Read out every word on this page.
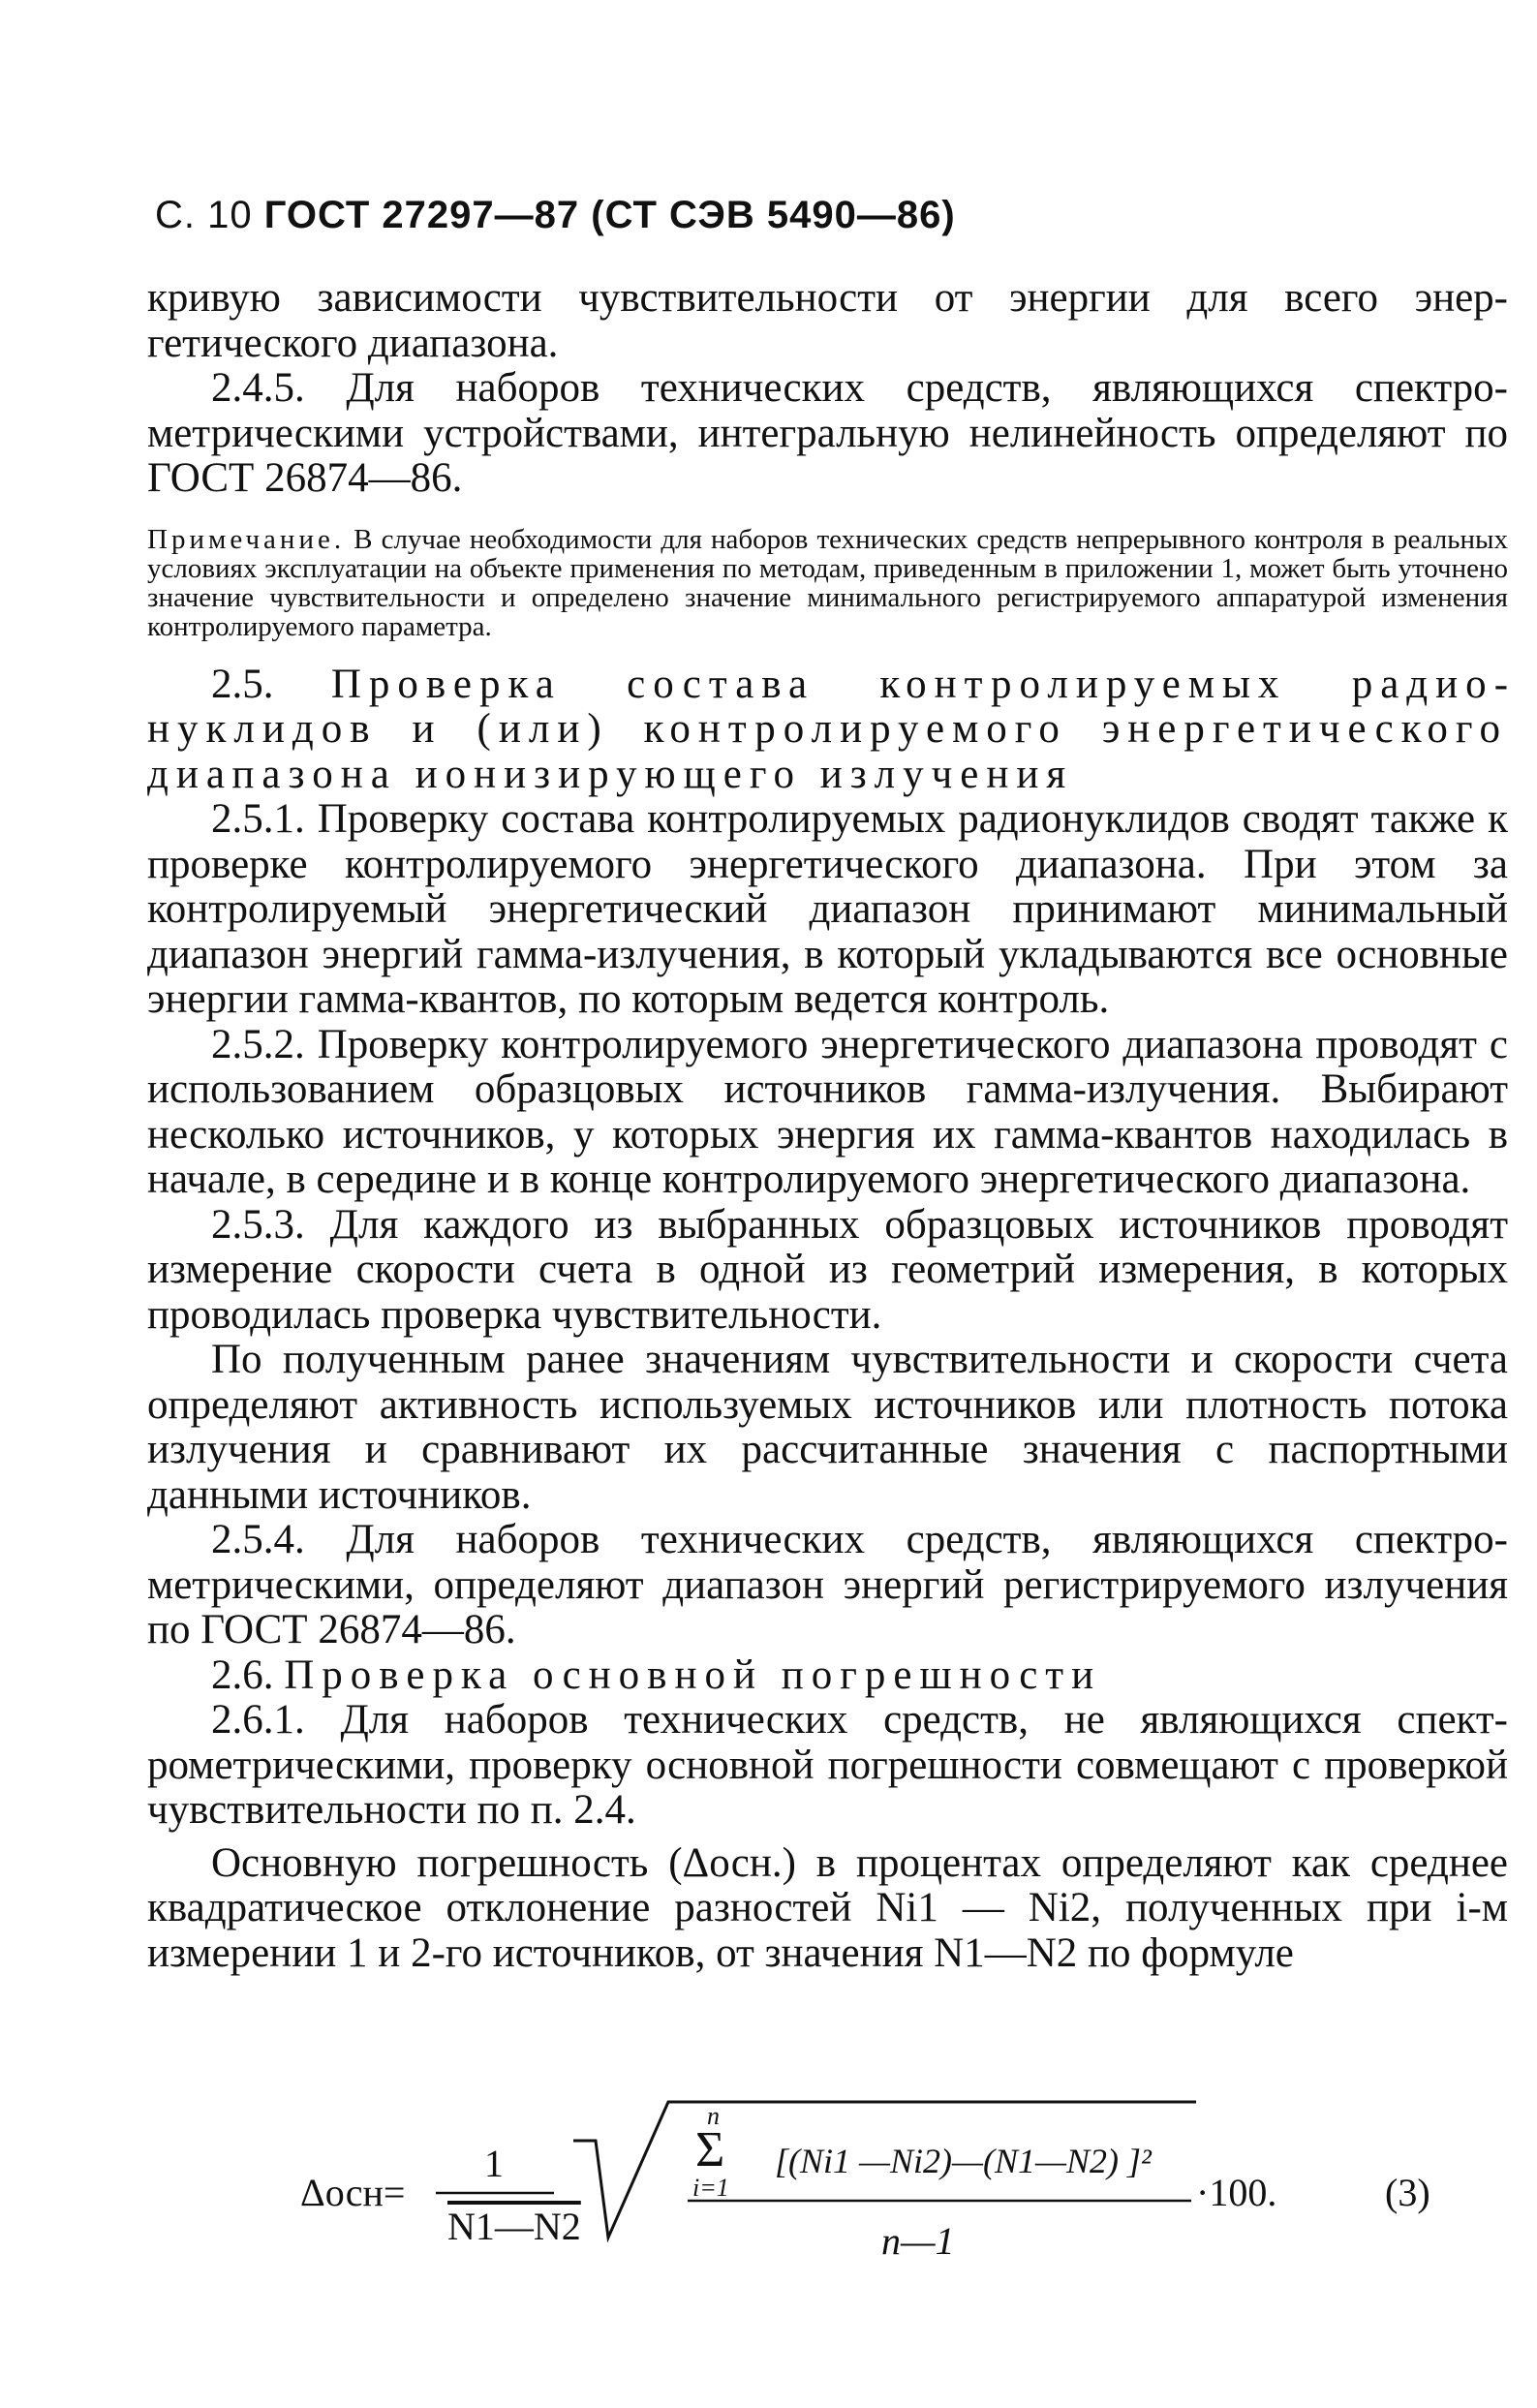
С. 10 ГОСТ 27297—87 (СТ СЭВ 5490—86)

кривую зависимости чувствительности от энергии для всего энергетического диапазона.

2.4.5. Для наборов технических средств, являющихся спектрометрическими устройствами, интегральную нелинейность определяют по ГОСТ 26874—86.

Примечание. В случае необходимости для наборов технических средств непрерывного контроля в реальных условиях эксплуатации на объекте применения по методам, приведенным в приложении 1, может быть уточнено значение чувствительности и определено значение минимального регистрируемого аппаратурой изменения контролируемого параметра.

2.5. Проверка состава контролируемых радионуклидов и (или) контролируемого энергетического диапазона ионизирующего излучения

2.5.1. Проверку состава контролируемых радионуклидов сводят также к проверке контролируемого энергетического диапазона. При этом за контролируемый энергетический диапазон принимают минимальный диапазон энергий гамма-излучения, в который укладываются все основные энергии гамма-квантов, по которым ведется контроль.

2.5.2. Проверку контролируемого энергетического диапазона проводят с использованием образцовых источников гамма-излучения. Выбирают несколько источников, у которых энергия их гамма-квантов находилась в начале, в середине и в конце контролируемого энергетического диапазона.

2.5.3. Для каждого из выбранных образцовых источников проводят измерение скорости счета в одной из геометрий измерения, в которых проводилась проверка чувствительности.

По полученным ранее значениям чувствительности и скорости счета определяют активность используемых источников или плотность потока излучения и сравнивают их рассчитанные значения с паспортными данными источников.

2.5.4. Для наборов технических средств, являющихся спектрометрическими, определяют диапазон энергий регистрируемого излучения по ГОСТ 26874—86.

2.6. Проверка основной погрешности

2.6.1. Для наборов технических средств, не являющихся спектрометрическими, проверку основной погрешности совмещают с проверкой чувствительности по п. 2.4.

Основную погрешность (Δосн.) в процентах определяют как среднее квадратическое отклонение разностей Ni1 — Ni2, полученных при i-м измерении 1 и 2-го источников, от значения N1—N2 по формуле

Δосн=
1
N1—N2
n
Σ
i=1
[(Ni1 —Ni2)—(N1—N2) ]²
n—1
·100.	(3)
